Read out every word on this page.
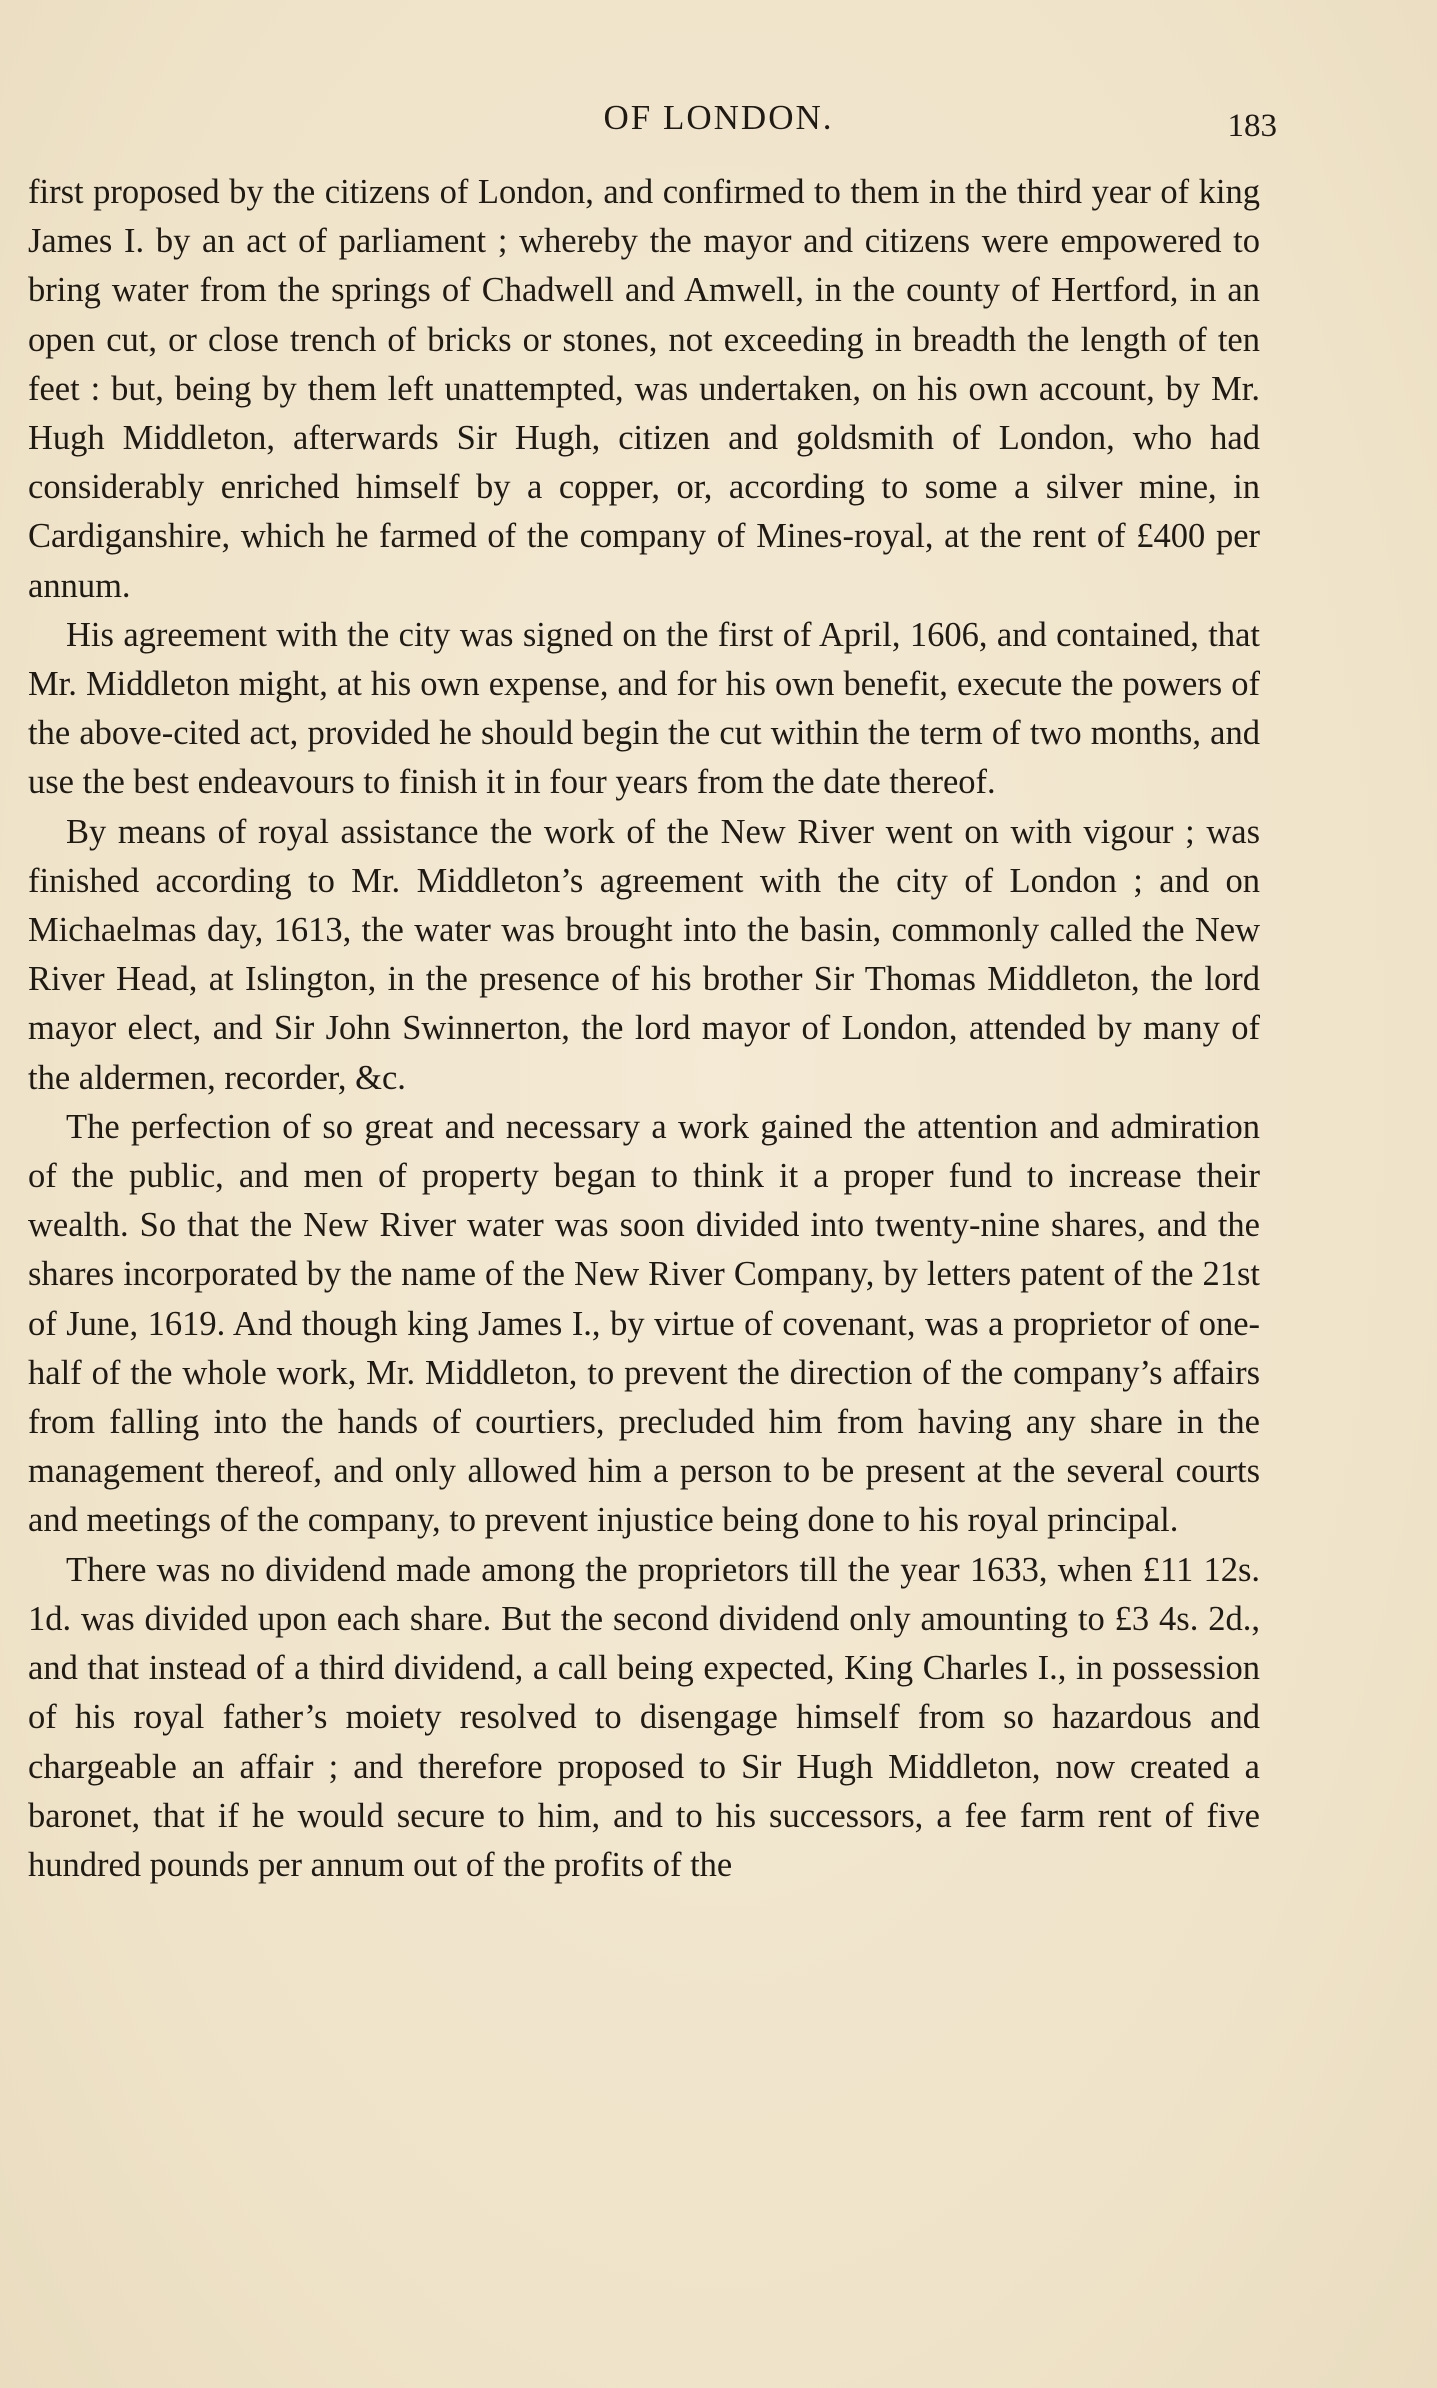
OF LONDON.	183

first proposed by the citizens of London, and confirmed to them in the third year of king James I. by an act of parliament ; whereby the mayor and citizens were empowered to bring water from the springs of Chadwell and Amwell, in the county of Hertford, in an open cut, or close trench of bricks or stones, not exceeding in breadth the length of ten feet : but, being by them left unattempted, was undertaken, on his own account, by Mr. Hugh Middleton, afterwards Sir Hugh, citizen and goldsmith of London, who had considerably enriched himself by a copper, or, according to some a silver mine, in Cardiganshire, which he farmed of the company of Mines-royal, at the rent of £400 per annum.

His agreement with the city was signed on the first of April, 1606, and contained, that Mr. Middleton might, at his own expense, and for his own benefit, execute the powers of the above-cited act, provided he should begin the cut within the term of two months, and use the best endeavours to finish it in four years from the date thereof.

By means of royal assistance the work of the New River went on with vigour ; was finished according to Mr. Middleton’s agreement with the city of London ; and on Michaelmas day, 1613, the water was brought into the basin, commonly called the New River Head, at Islington, in the presence of his brother Sir Thomas Middleton, the lord mayor elect, and Sir John Swinnerton, the lord mayor of London, attended by many of the aldermen, recorder, &c.

The perfection of so great and necessary a work gained the attention and admiration of the public, and men of property began to think it a proper fund to increase their wealth. So that the New River water was soon divided into twenty-nine shares, and the shares incorporated by the name of the New River Company, by letters patent of the 21st of June, 1619. And though king James I., by virtue of covenant, was a proprietor of one-half of the whole work, Mr. Middleton, to prevent the direction of the company’s affairs from falling into the hands of courtiers, precluded him from having any share in the management thereof, and only allowed him a person to be present at the several courts and meetings of the company, to prevent injustice being done to his royal principal.

There was no dividend made among the proprietors till the year 1633, when £11 12s. 1d. was divided upon each share. But the second dividend only amounting to £3 4s. 2d., and that instead of a third dividend, a call being expected, King Charles I., in possession of his royal father’s moiety resolved to disengage himself from so hazardous and chargeable an affair ; and therefore proposed to Sir Hugh Middleton, now created a baronet, that if he would secure to him, and to his successors, a fee farm rent of five hundred pounds per annum out of the profits of the
